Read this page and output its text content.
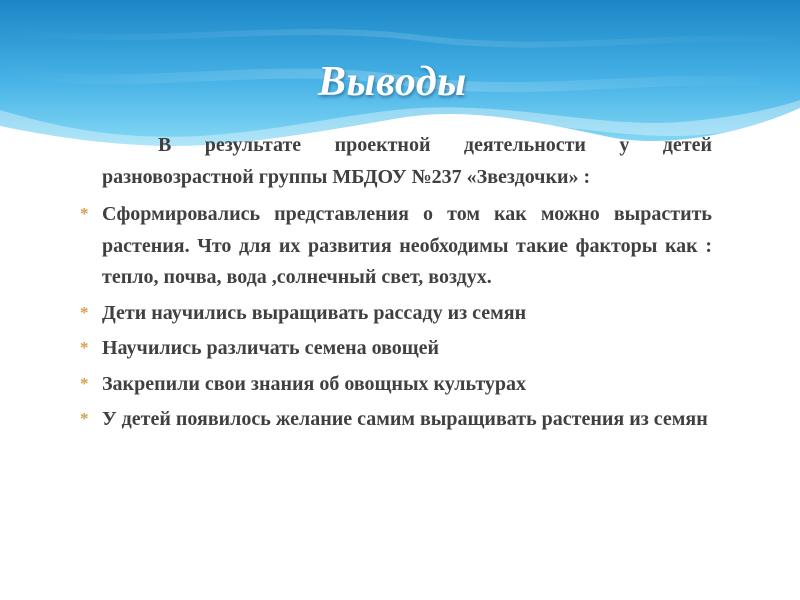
Выводы

В результате проектной деятельности у детей разновозрастной группы МБДОУ №237 «Звездочки» :

* Сформировались представления о том как можно вырастить растения. Что для их развития необходимы такие факторы как : тепло, почва, вода ,солнечный свет, воздух.
* Дети научились выращивать рассаду из семян
* Научились различать семена овощей
* Закрепили свои знания об овощных культурах
* У детей появилось желание самим выращивать растения из семян
